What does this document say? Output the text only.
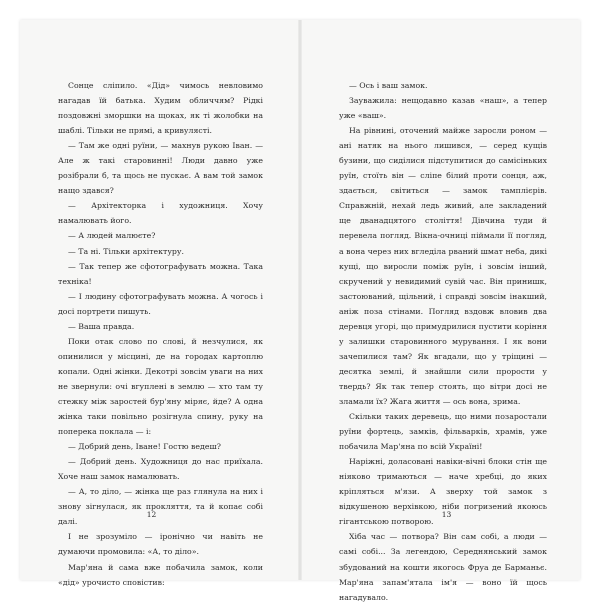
Сонце сліпило. «Дід» чимось невловимо нагадав їй батька. Худим обличчям? Рідкі поздовжні зморшки на щоках, як ті жолобки на шаблі. Тільки не прямі, а кривулясті.

— Там же одні руїни, — махнув рукою Іван. — Але ж такі старовинні! Люди давно уже розібрали б, та щось не пускає. А вам той замок нащо здався?

— Архітекторка і художниця. Хочу намалювать його.

— А людей малюєте?

— Та ні. Тільки архітектуру.

— Так тепер же сфотографувать можна. Така техніка!

— І людину сфотографувать можна. А чогось і досі портрети пишуть.

— Ваша правда.

Поки отак слово по слові, й незчулися, як опинилися у місцині, де на городах картоплю копали. Одні жінки. Декотрі зовсім уваги на них не звернули: очі вгуплені в землю — хто там ту стежку між заростей бур'яну міряє, йде? А одна жінка таки повільно розігнула спину, руку на поперека поклала — і:

— Добрий день, Іване! Гостю ведеш?

— Добрий день. Художниця до нас приїхала. Хоче наш замок намалювать.

— А, то діло, — жінка ще раз глянула на них і знову зігнулася, як прокляття, та й копає собі далі.

І не зрозуміло — іронічно чи навіть не думаючи промовила: «А, то діло».

Мар'яна й сама вже побачила замок, коли «дід» урочисто сповістив:

12

— Ось і ваш замок.

Зауважила: нещодавно казав «наш», а тепер уже «ваш».

На рівнині, оточений майже заросли роном — ані натяк на нього лишився, — серед кущів бузини, що сиділися підступитися до самісіньких руїн, стоїть він — сліпе білий проти сонця, аж, здається, світиться — замок тамплієрів. Справжній, нехай ледь живий, але закладений ще дванадцятого століття! Дівчина туди й перевела погляд. Вікна-очниці піймали її погляд, а вона через них вгледіла рваний шмат неба, дикі кущі, що виросли поміж руїн, і зовсім інший, скручений у невидимий сувій час. Він принишк, застоюваний, щільний, і справді зовсім інакший, аніж поза стінами. Погляд вздовж вловив два деревця угорі, що примудрилися пустити коріння у залишки старовинного мурування. І як вони зачепилися там? Як вгадали, що у тріщині — десятка землі, й знайшли сили прорости у твердь? Як так тепер стоять, що вітри досі не зламали їх? Жага життя — ось вона, зрима.

Скільки таких деревець, що ними позаростали руїни фортець, замків, фільварків, храмів, уже побачила Мар'яна по всій Україні!

Наріжні, доласовані навіки-вічні блоки стін ще ніяково тримаються — наче хребці, до яких кріпляться м'язи. А зверху той замок з відкушеною верхівкою, ніби погризений якоюсь гігантською потворою.

Хіба час — потвора? Він сам собі, а люди — самі собі... За легендою, Середнянський замок збудований на кошти якогось Фруа де Барманьє. Мар'яна запам'ятала ім'я — воно їй щось нагадувало.

13
